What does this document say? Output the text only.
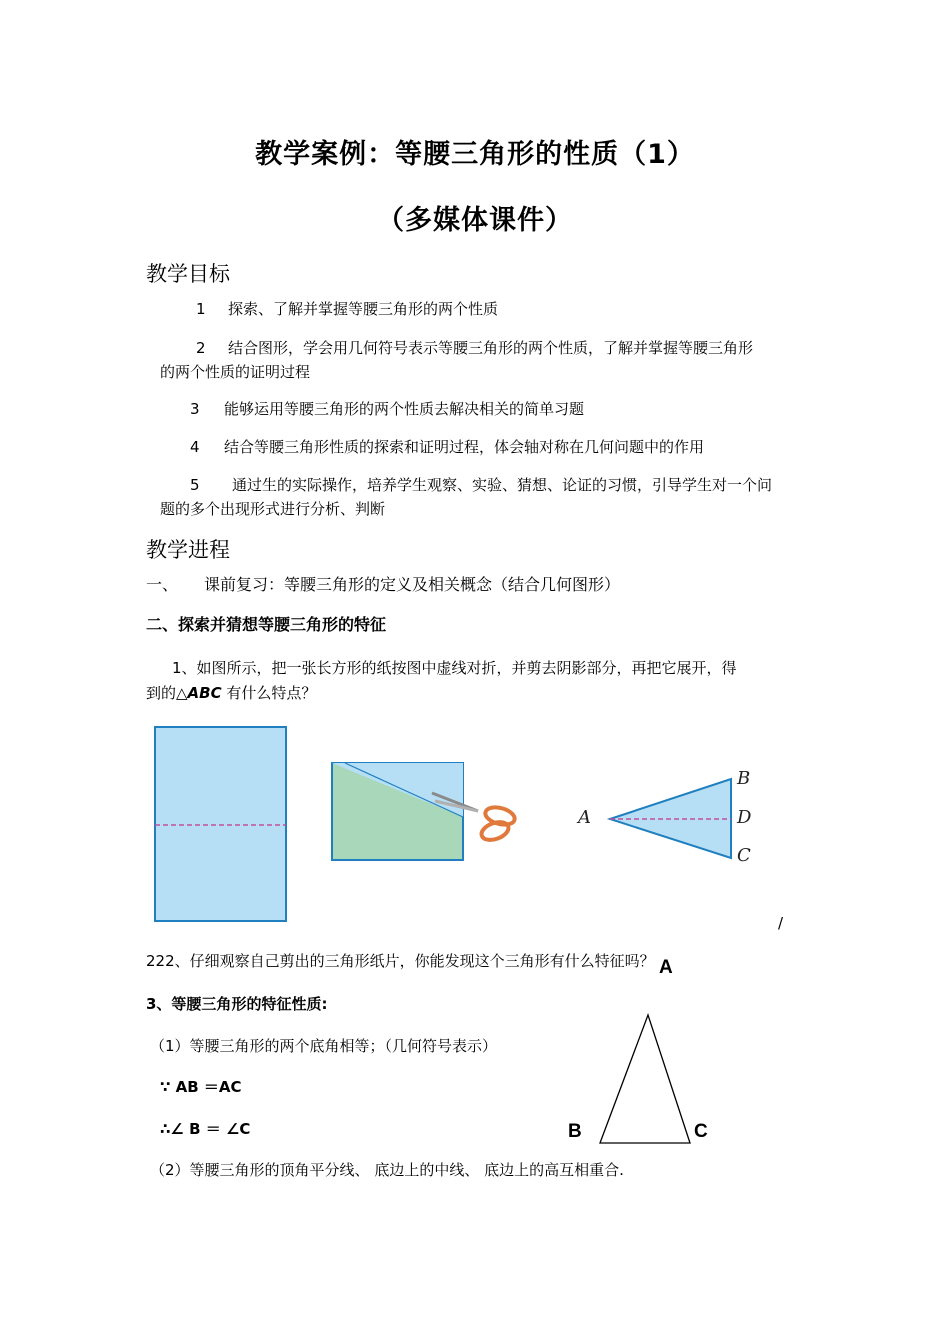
教学案例：等腰三角形的性质（1）
（多媒体课件）
教学目标
1 探索、了解并掌握等腰三角形的两个性质
2 结合图形，学会用几何符号表示等腰三角形的两个性质，了解并掌握等腰三角形
的两个性质的证明过程
3 能够运用等腰三角形的两个性质去解决相关的简单习题
4 结合等腰三角形性质的探索和证明过程，体会轴对称在几何问题中的作用
5 通过生的实际操作，培养学生观察、实验、猜想、论证的习惯，引导学生对一个问
题的多个出现形式进行分析、判断
教学进程
一、 课前复习：等腰三角形的定义及相关概念（结合几何图形）
二、探索并猜想等腰三角形的特征
1、如图所示，把一张长方形的纸按图中虚线对折，并剪去阴影部分，再把它展开，得
到的△ABC 有什么特点？
A
B
D
C
/
222、仔细观察自己剪出的三角形纸片，你能发现这个三角形有什么特征吗？
3、等腰三角形的特征性质:
（1）等腰三角形的两个底角相等；（几何符号表示）
∵ AB ＝AC
∴∠ B ＝ ∠C
（2）等腰三角形的顶角平分线、 底边上的中线、 底边上的高互相重合.
A
B	C
